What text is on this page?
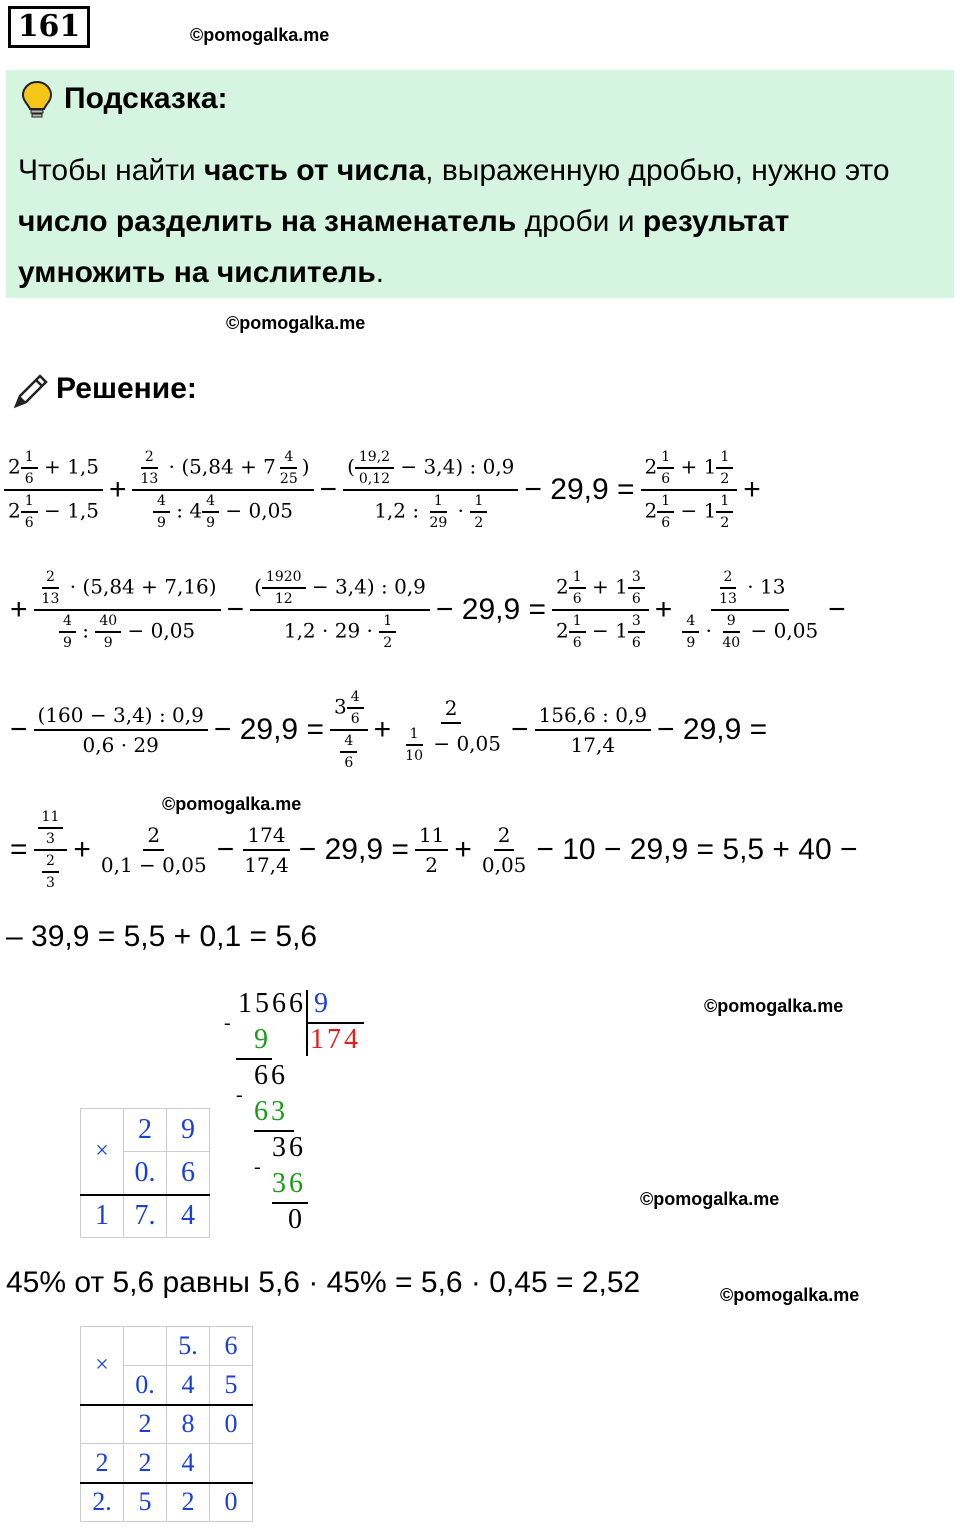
161	©pomogalka.me
Подсказка:
Чтобы найти часть от числа, выраженную дробью, нужно это число разделить на знаменатель дроби и результат умножить на числитель.
©pomogalka.me
Решение:
$\frac{2 \frac{1}{6} + 1,5}{2 \frac{1}{6} - 1,5} + \frac{\frac{2}{13} \cdot (5,84 + 7 \frac{4}{25} )}{\frac{4}{9} : 4 \frac{4}{9} - 0,05} - \frac{( \frac{19,2}{0,12} - 3,4) : 0,9}{1,2 : \frac{1}{29} \cdot \frac{1}{2}} - 29,9 = \frac{2 \frac{1}{6} + 1 \frac{1}{2}}{2 \frac{1}{6} - 1 \frac{1}{2}}$ +
+ $\frac{\frac{2}{13} \cdot (5,84 + 7,16)}{\frac{4}{9} : \frac{40}{9} - 0,05} - \frac{( \frac{1920}{12} - 3,4) : 0,9}{1,2 \cdot 29 \cdot \frac{1}{2}} - 29,9 = \frac{2 \frac{1}{6} + 1 \frac{3}{6}}{2 \frac{1}{6} - 1 \frac{3}{6}} + \frac{\frac{2}{13} \cdot 13}{\frac{4}{9} \cdot \frac{9}{40} - 0,05}$ −
− $\frac{(160 - 3,4) : 0,9}{0,6 \cdot 29} - 29,9 = \frac{3 \frac{4}{6}}{\frac{4}{6}} + \frac{2}{\frac{1}{10} - 0,05} - \frac{156,6 : 0,9}{17,4} - 29,9$ =
©pomogalka.me
= $\frac{\frac{11}{3}}{\frac{2}{3}} + \frac{2}{0,1 - 0,05} - \frac{174}{17,4} - 29,9 = \frac{11}{2} + \frac{2}{0,05} - 10 - 29,9 = 5,5 + 40$ −
– 39,9 = 5,5 + 0,1 = 5,6
1566 9
174
-
9
66
-
63
36
-
36
0
©pomogalka.me
×	2	9
	0.	6
1	7.	4
©pomogalka.me
45% от 5,6 равны 5,6 · 45% = 5,6 · 0,45 = 2,52	©pomogalka.me
×		5.	6
	0.	4	5
	2	8	0
2	2	4	
2.	5	2	0
